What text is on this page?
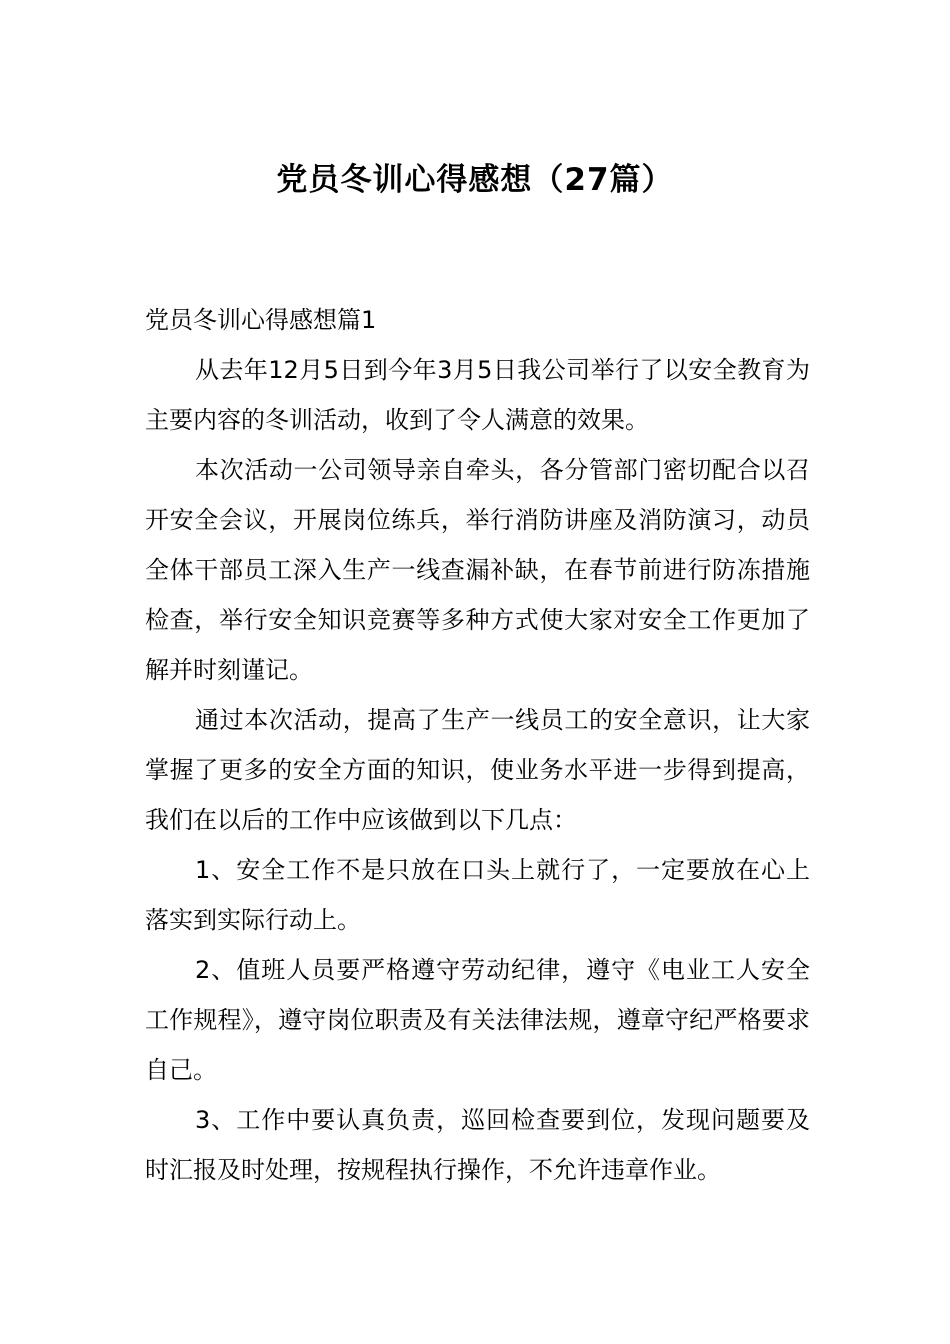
党员冬训心得感想（27篇）
党员冬训心得感想篇1

从去年12月5日到今年3月5日我公司举行了以安全教育为主要内容的冬训活动，收到了令人满意的效果。

本次活动一公司领导亲自牵头，各分管部门密切配合以召开安全会议，开展岗位练兵，举行消防讲座及消防演习，动员全体干部员工深入生产一线查漏补缺，在春节前进行防冻措施检查，举行安全知识竞赛等多种方式使大家对安全工作更加了解并时刻谨记。

通过本次活动，提高了生产一线员工的安全意识，让大家掌握了更多的安全方面的知识，使业务水平进一步得到提高，我们在以后的工作中应该做到以下几点：

1、安全工作不是只放在口头上就行了，一定要放在心上落实到实际行动上。

2、值班人员要严格遵守劳动纪律，遵守《电业工人安全工作规程》，遵守岗位职责及有关法律法规，遵章守纪严格要求自己。

3、工作中要认真负责，巡回检查要到位，发现问题要及时汇报及时处理，按规程执行操作，不允许违章作业。
